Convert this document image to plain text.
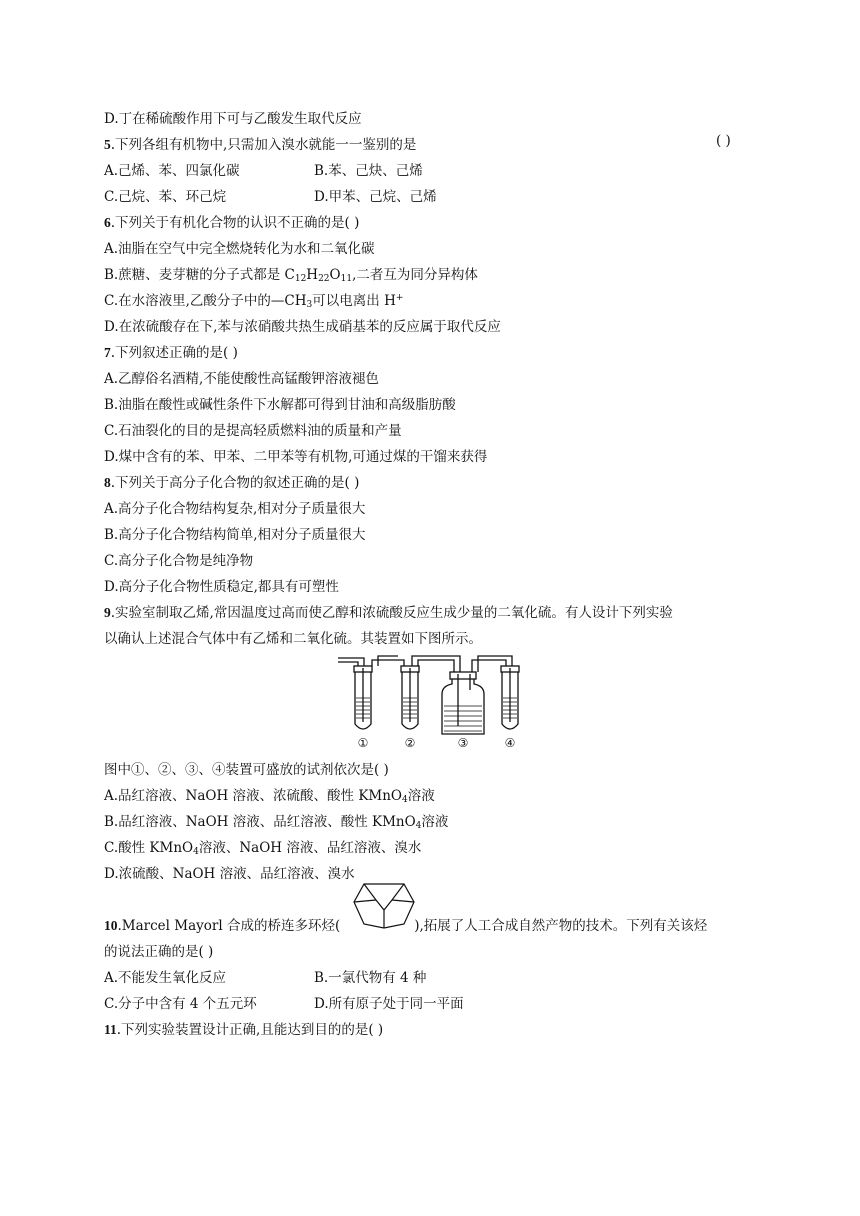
D.丁在稀硫酸作用下可与乙酸发生取代反应
5.下列各组有机物中,只需加入溴水就能一一鉴别的是	( )
A.己烯、苯、四氯化碳	B.苯、己炔、己烯
C.己烷、苯、环己烷	D.甲苯、己烷、己烯
6.下列关于有机化合物的认识不正确的是( )
A.油脂在空气中完全燃烧转化为水和二氧化碳
B.蔗糖、麦芽糖的分子式都是 $C_{12}H_{22}O_{11}$,二者互为同分异构体
C.在水溶液里,乙酸分子中的$—CH_3$可以电离出 H+
D.在浓硫酸存在下,苯与浓硝酸共热生成硝基苯的反应属于取代反应
7.下列叙述正确的是( )
A.乙醇俗名酒精,不能使酸性高锰酸钾溶液褪色
B.油脂在酸性或碱性条件下水解都可得到甘油和高级脂肪酸
C.石油裂化的目的是提高轻质燃料油的质量和产量
D.煤中含有的苯、甲苯、二甲苯等有机物,可通过煤的干馏来获得
8.下列关于高分子化合物的叙述正确的是( )
A.高分子化合物结构复杂,相对分子质量很大
B.高分子化合物结构简单,相对分子质量很大
C.高分子化合物是纯净物
D.高分子化合物性质稳定,都具有可塑性
9.实验室制取乙烯,常因温度过高而使乙醇和浓硫酸反应生成少量的二氧化硫。有人设计下列实验
以确认上述混合气体中有乙烯和二氧化硫。其装置如下图所示。
①	②	③	④
图中①、②、③、④装置可盛放的试剂依次是( )
A.品红溶液、NaOH 溶液、浓硫酸、酸性 KMnO$_4$溶液
B.品红溶液、NaOH 溶液、品红溶液、酸性 KMnO$_4$溶液
C.酸性 KMnO$_4$溶液、NaOH 溶液、品红溶液、溴水
D.浓硫酸、NaOH 溶液、品红溶液、溴水
10.Marcel Mayorl 合成的桥连多环烃(	),拓展了人工合成自然产物的技术。下列有关该烃
的说法正确的是( )
A.不能发生氧化反应	B.一氯代物有 4 种
C.分子中含有 4 个五元环	D.所有原子处于同一平面
11.下列实验装置设计正确,且能达到目的的是( )
